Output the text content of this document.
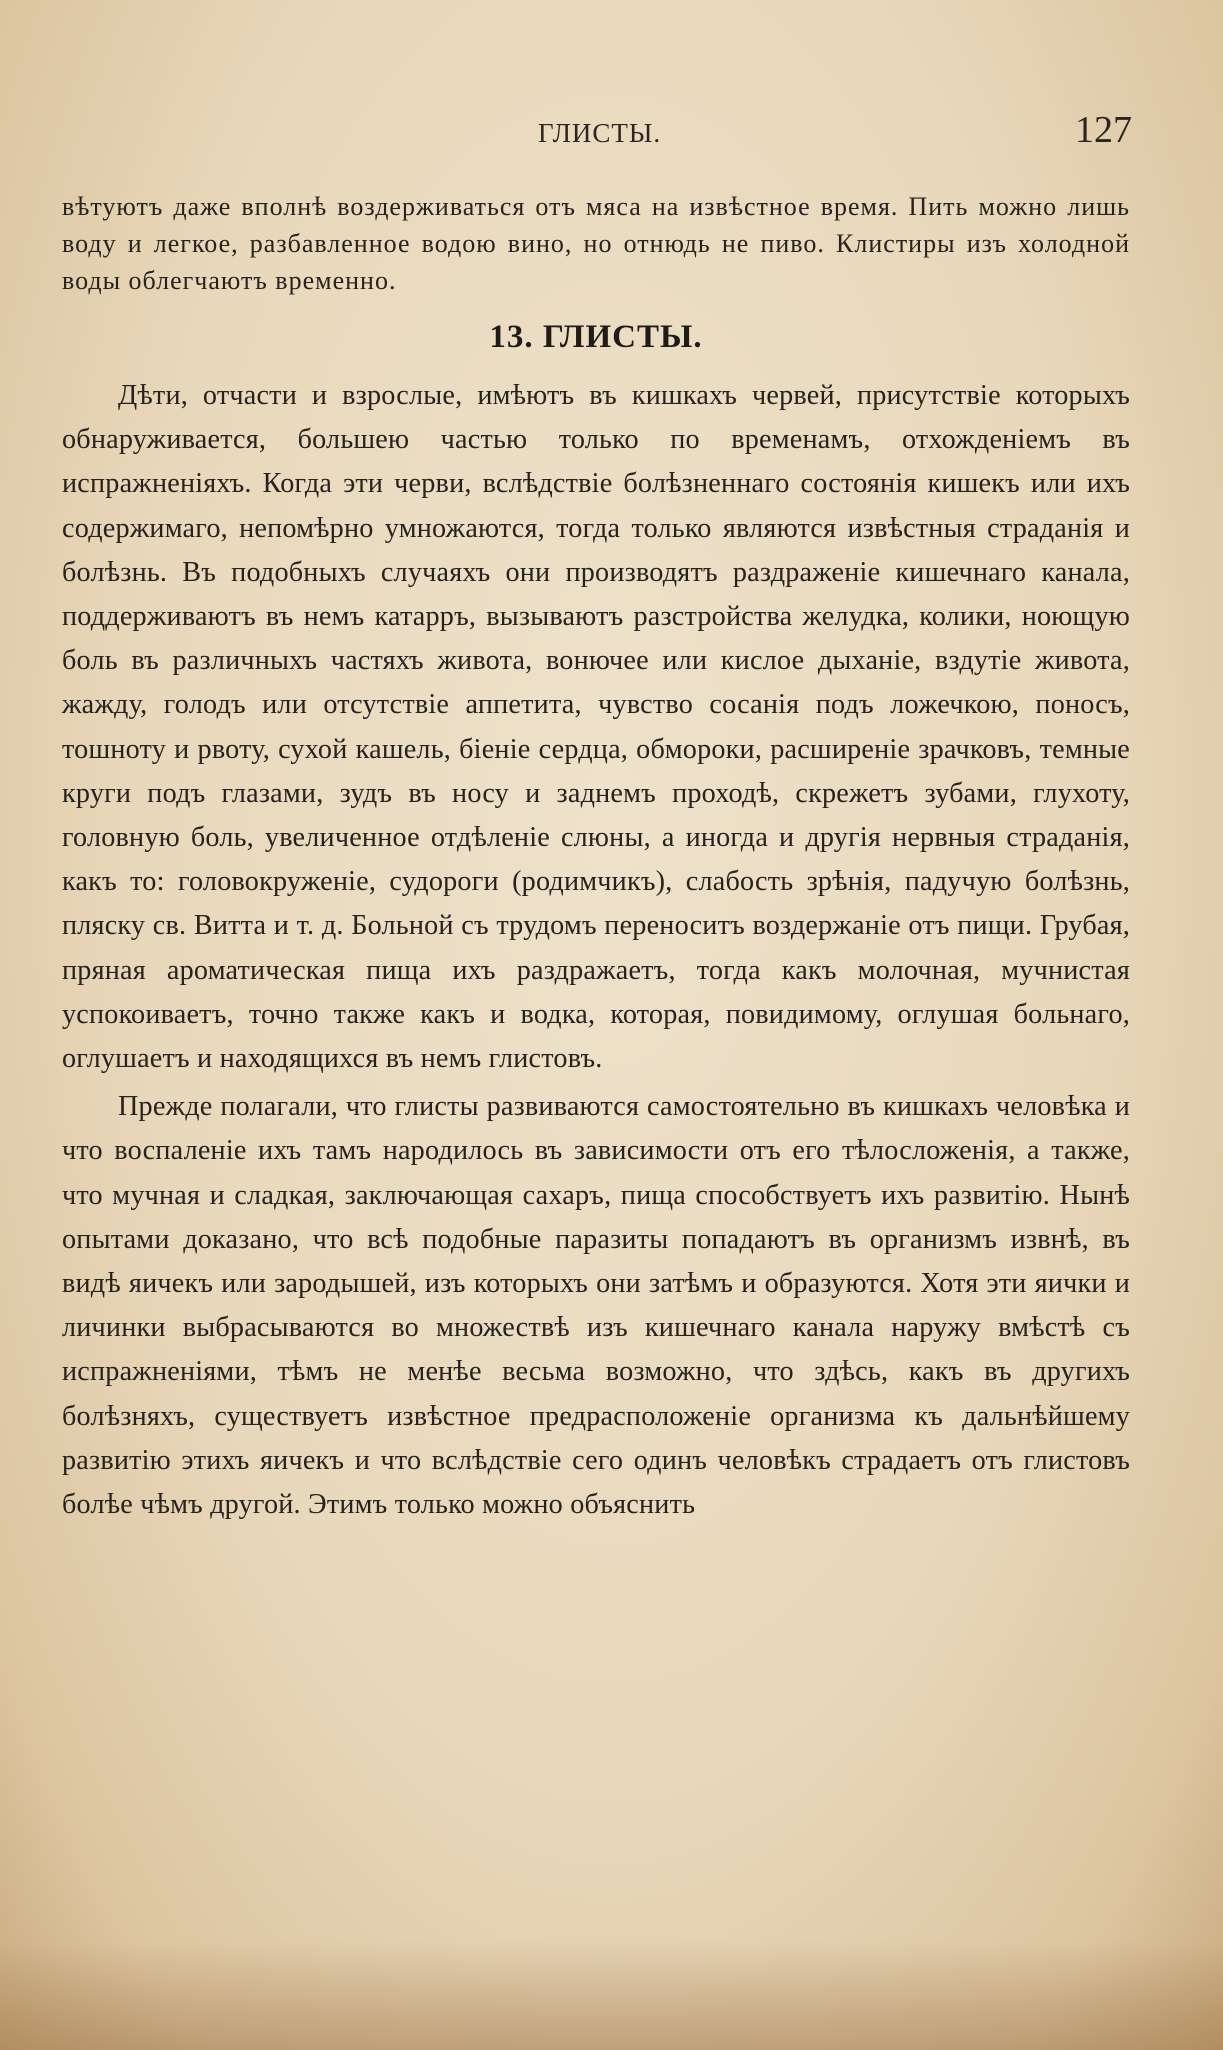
ГЛИСТЫ.	127

вѣтуютъ даже вполнѣ воздерживаться отъ мяса на извѣстное время. Пить можно лишь воду и легкое, разбавленное водою вино, но отнюдь не пиво. Клистиры изъ холодной воды облегчаютъ временно.

13. ГЛИСТЫ.

Дѣти, отчасти и взрослые, имѣютъ въ кишкахъ червей, присутствіе которыхъ обнаруживается, большею частью только по временамъ, отхожденіемъ въ испражненіяхъ. Когда эти черви, вслѣдствіе болѣзненнаго состоянія кишекъ или ихъ содержимаго, непомѣрно умножаются, тогда только являются извѣстныя страданія и болѣзнь. Въ подобныхъ случаяхъ они производятъ раздраженіе кишечнаго канала, поддерживаютъ въ немъ катарръ, вызываютъ разстройства желудка, колики, ноющую боль въ различныхъ частяхъ живота, вонючее или кислое дыханіе, вздутіе живота, жажду, голодъ или отсутствіе аппетита, чувство сосанія подъ ложечкою, поносъ, тошноту и рвоту, сухой кашель, біеніе сердца, обмороки, расширеніе зрачковъ, темные круги подъ глазами, зудъ въ носу и заднемъ проходѣ, скрежетъ зубами, глухоту, головную боль, увеличенное отдѣленіе слюны, а иногда и другія нервныя страданія, какъ то: головокруженіе, судороги (родимчикъ), слабость зрѣнія, падучую болѣзнь, пляску св. Витта и т. д. Больной съ трудомъ переноситъ воздержаніе отъ пищи. Грубая, пряная ароматическая пища ихъ раздражаетъ, тогда какъ молочная, мучнистая успокоиваетъ, точно также какъ и водка, которая, повидимому, оглушая больнаго, оглушаетъ и находящихся въ немъ глистовъ.

Прежде полагали, что глисты развиваются самостоятельно въ кишкахъ человѣка и что воспаленіе ихъ тамъ народилось въ зависимости отъ его тѣлосложенія, а также, что мучная и сладкая, заключающая сахаръ, пища способствуетъ ихъ развитію. Нынѣ опытами доказано, что всѣ подобные паразиты попадаютъ въ организмъ извнѣ, въ видѣ яичекъ или зародышей, изъ которыхъ они затѣмъ и образуются. Хотя эти яички и личинки выбрасываются во множествѣ изъ кишечнаго канала наружу вмѣстѣ съ испражненіями, тѣмъ не менѣе весьма возможно, что здѣсь, какъ въ другихъ болѣзняхъ, существуетъ извѣстное предрасположеніе организма къ дальнѣйшему развитію этихъ яичекъ и что вслѣдствіе сего одинъ человѣкъ страдаетъ отъ глистовъ болѣе чѣмъ другой. Этимъ только можно объяснить
